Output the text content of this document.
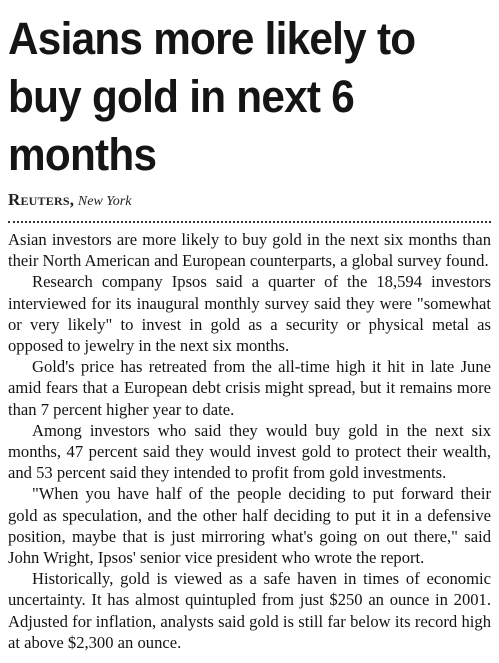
Asians more likely to buy gold in next 6 months
Reuters, New York

Asian investors are more likely to buy gold in the next six months than their North American and European counterparts, a global survey found.

Research company Ipsos said a quarter of the 18,594 investors interviewed for its inaugural monthly survey said they were "somewhat or very likely" to invest in gold as a security or physical metal as opposed to jewelry in the next six months.

Gold's price has retreated from the all-time high it hit in late June amid fears that a European debt crisis might spread, but it remains more than 7 percent higher year to date.

Among investors who said they would buy gold in the next six months, 47 percent said they would invest gold to protect their wealth, and 53 percent said they intended to profit from gold investments.

"When you have half of the people deciding to put forward their gold as speculation, and the other half deciding to put it in a defensive position, maybe that is just mirroring what's going on out there," said John Wright, Ipsos' senior vice president who wrote the report.

Historically, gold is viewed as a safe haven in times of economic uncertainty. It has almost quintupled from just $250 an ounce in 2001. Adjusted for inflation, analysts said gold is still far below its record high at above $2,300 an ounce.
